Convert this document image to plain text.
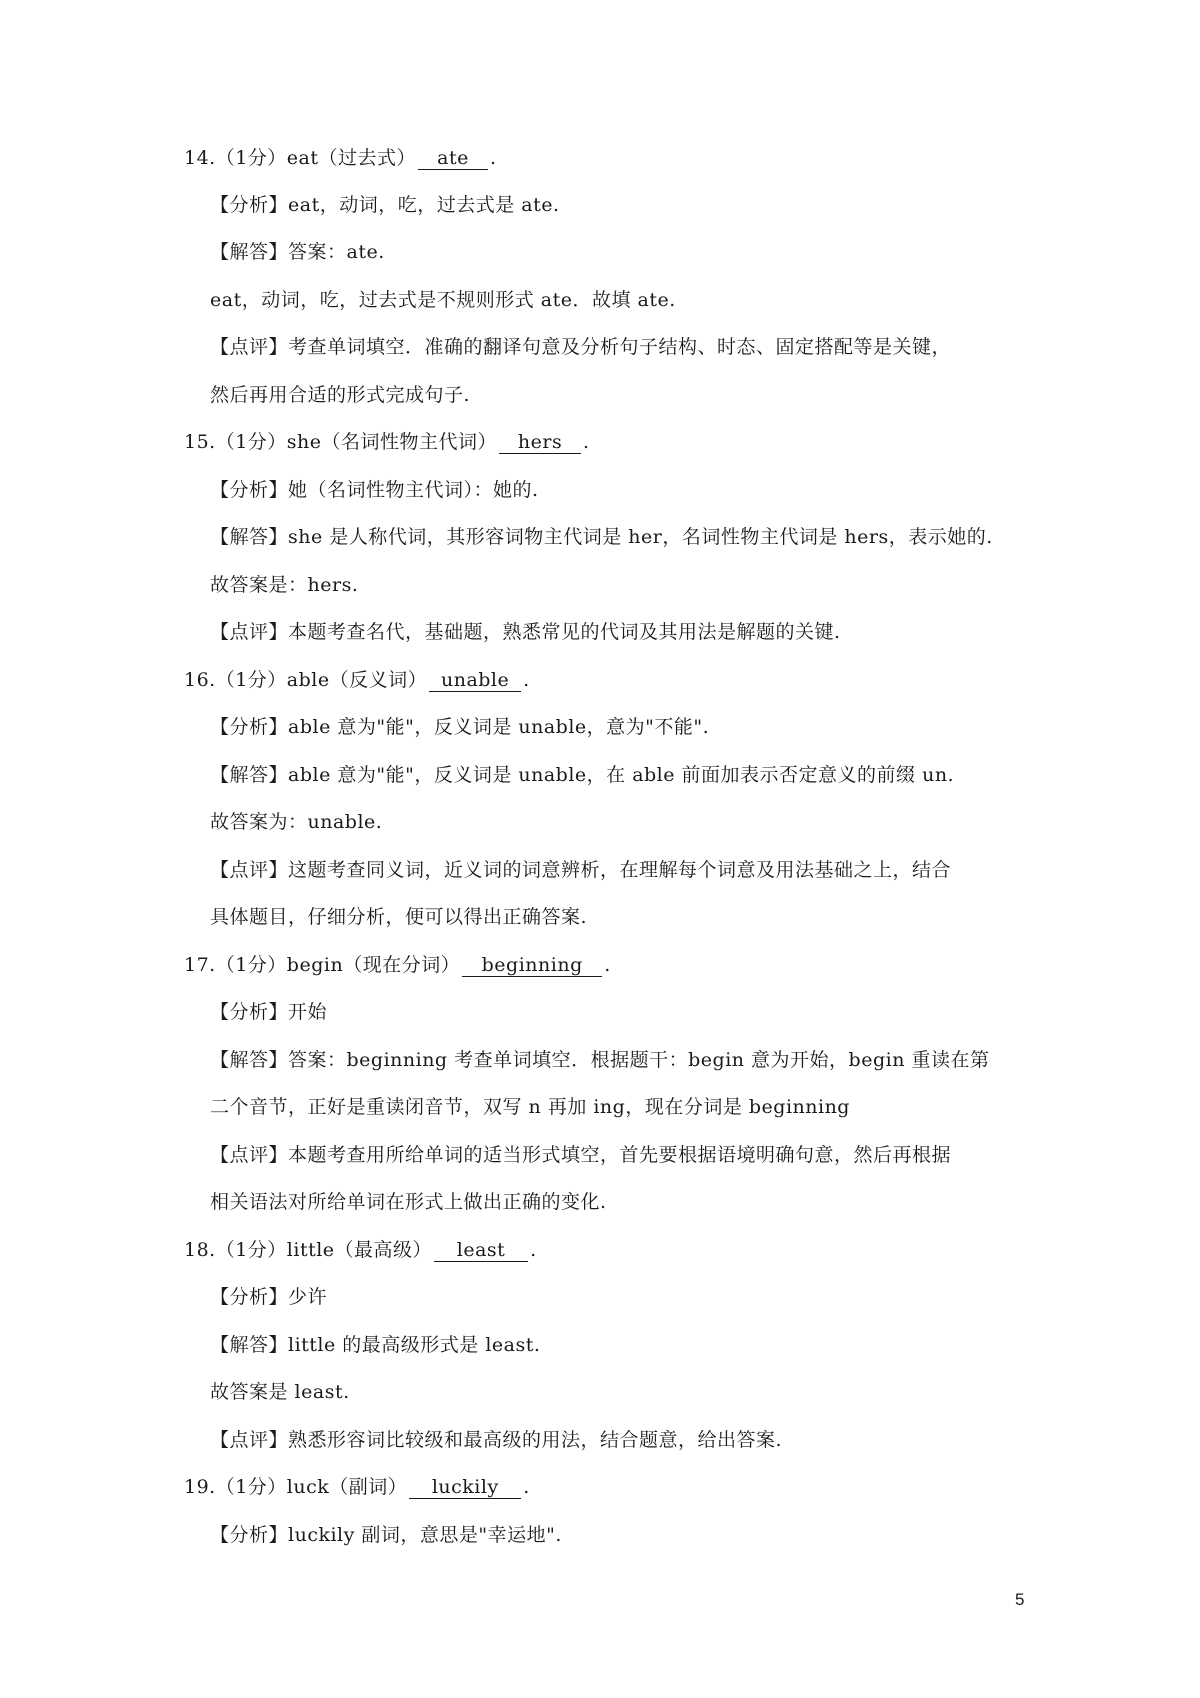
14.（1分）eat（过去式） ate .
【分析】eat，动词，吃，过去式是 ate.
【解答】答案：ate.
eat，动词，吃，过去式是不规则形式 ate．故填 ate.
【点评】考查单词填空．准确的翻译句意及分析句子结构、时态、固定搭配等是关键，
然后再用合适的形式完成句子.
15.（1分）she（名词性物主代词） hers .
【分析】她（名词性物主代词）：她的.
【解答】she 是人称代词，其形容词物主代词是 her，名词性物主代词是 hers，表示她的.
故答案是：hers.
【点评】本题考查名代，基础题，熟悉常见的代词及其用法是解题的关键.
16.（1分）able（反义词） unable .
【分析】able 意为"能"，反义词是 unable，意为"不能".
【解答】able 意为"能"，反义词是 unable，在 able 前面加表示否定意义的前缀 un.
故答案为：unable.
【点评】这题考查同义词，近义词的词意辨析，在理解每个词意及用法基础之上，结合
具体题目，仔细分析，便可以得出正确答案.
17.（1分）begin（现在分词） beginning .
【分析】开始
【解答】答案：beginning 考查单词填空．根据题干：begin 意为开始，begin 重读在第
二个音节，正好是重读闭音节，双写 n 再加 ing，现在分词是 beginning
【点评】本题考查用所给单词的适当形式填空，首先要根据语境明确句意，然后再根据
相关语法对所给单词在形式上做出正确的变化.
18.（1分）little（最高级） least .
【分析】少许
【解答】little 的最高级形式是 least.
故答案是 least.
【点评】熟悉形容词比较级和最高级的用法，结合题意，给出答案.
19.（1分）luck（副词） luckily .
【分析】luckily 副词，意思是"幸运地".
5
